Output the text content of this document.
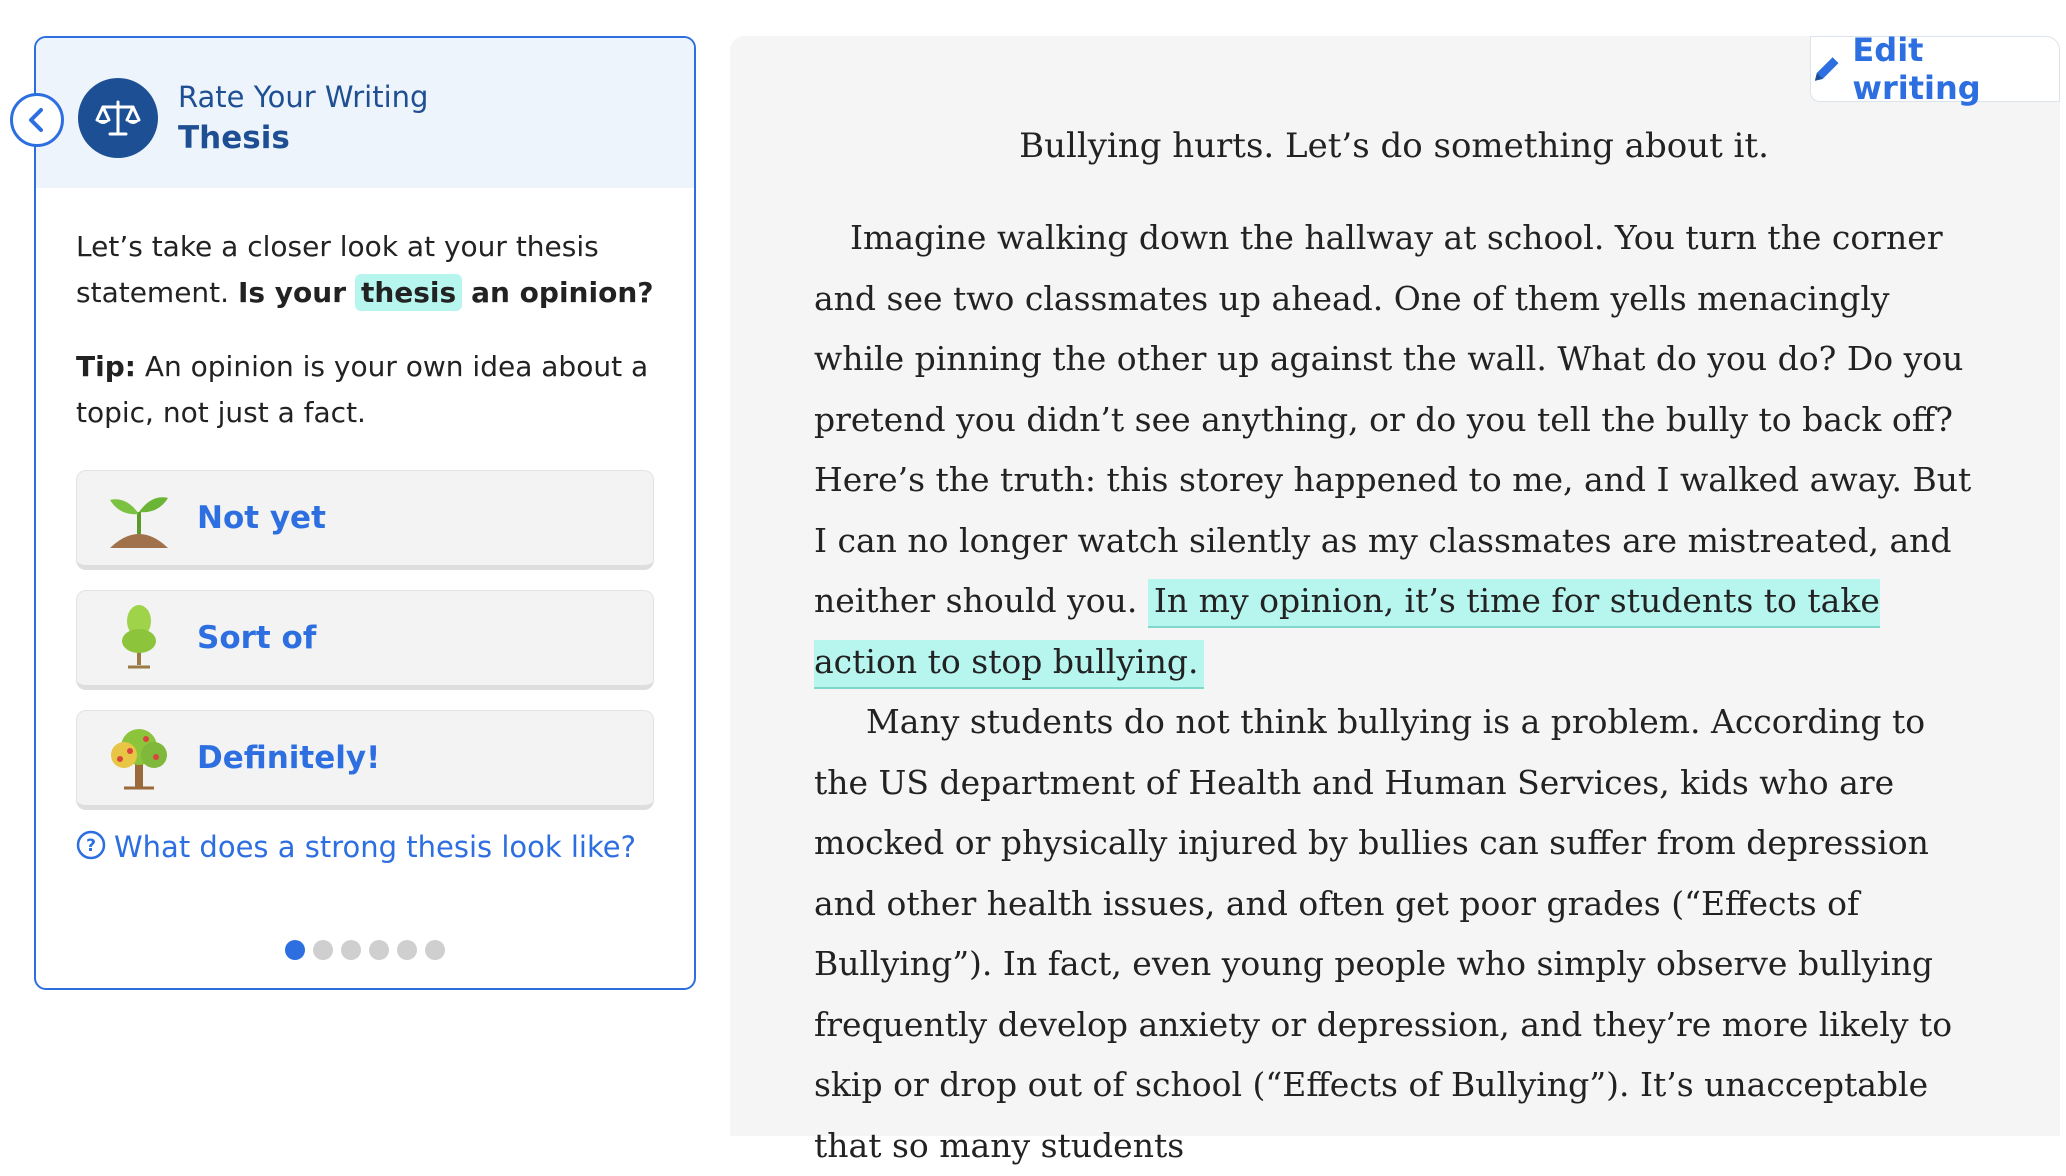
Rate Your Writing
Thesis

Let’s take a closer look at your thesis statement. Is your thesis an opinion?

Tip: An opinion is your own idea about a topic, not just a fact.

Not yet
Sort of
Definitely!
? What does a strong thesis look like?
Edit writing
Bullying hurts. Let’s do something about it.

Imagine walking down the hallway at school. You turn the corner and see two classmates up ahead. One of them yells menacingly while pinning the other up against the wall. What do you do? Do you pretend you didn’t see anything, or do you tell the bully to back off? Here’s the truth: this storey happened to me, and I walked away. But I can no longer watch silently as my classmates are mistreated, and neither should you. In my opinion, it’s time for students to take action to stop bullying.

Many students do not think bullying is a problem. According to the US department of Health and Human Services, kids who are mocked or physically injured by bullies can suffer from depression and other health issues, and often get poor grades (“Effects of Bullying”). In fact, even young people who simply observe bullying frequently develop anxiety or depression, and they’re more likely to skip or drop out of school (“Effects of Bullying”). It’s unacceptable that so many students
